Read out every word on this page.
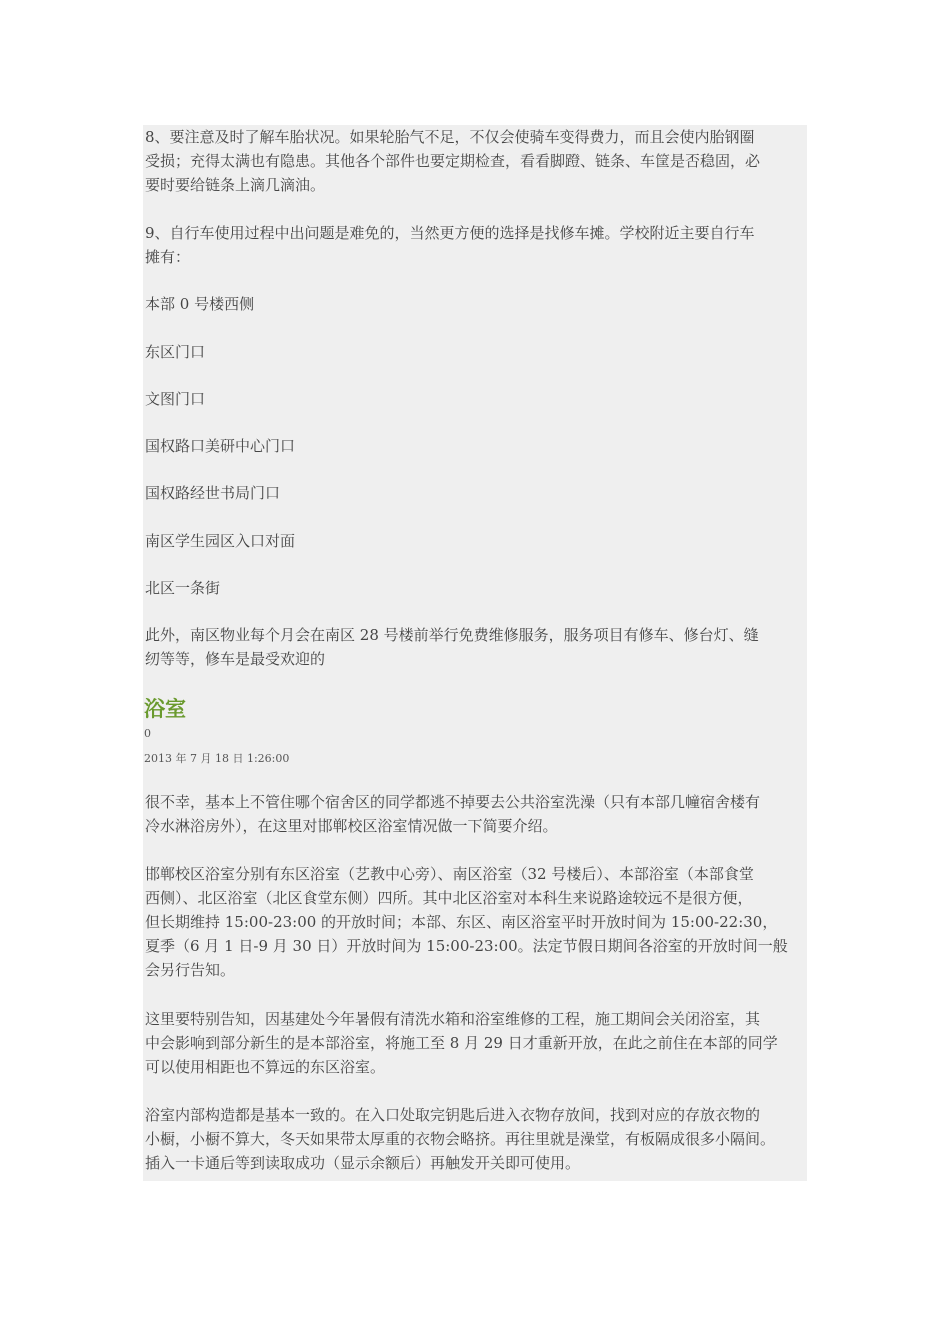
8、要注意及时了解车胎状况。如果轮胎气不足，不仅会使骑车变得费力，而且会使内胎钢圈

受损；充得太满也有隐患。其他各个部件也要定期检查，看看脚蹬、链条、车筐是否稳固，必

要时要给链条上滴几滴油。

9、自行车使用过程中出问题是难免的，当然更方便的选择是找修车摊。学校附近主要自行车

摊有：

本部 0 号楼西侧

东区门口

文图门口

国权路口美研中心门口

国权路经世书局门口

南区学生园区入口对面

北区一条街

此外，南区物业每个月会在南区 28 号楼前举行免费维修服务，服务项目有修车、修台灯、缝

纫等等，修车是最受欢迎的

浴室
0
2013 年 7 月 18 日 1:26:00

很不幸，基本上不管住哪个宿舍区的同学都逃不掉要去公共浴室洗澡（只有本部几幢宿舍楼有

冷水淋浴房外），在这里对邯郸校区浴室情况做一下简要介绍。

邯郸校区浴室分别有东区浴室（艺教中心旁）、南区浴室（32 号楼后）、本部浴室（本部食堂

西侧）、北区浴室（北区食堂东侧）四所。其中北区浴室对本科生来说路途较远不是很方便，

但长期维持 15:00-23:00 的开放时间；本部、东区、南区浴室平时开放时间为 15:00-22:30，

夏季（6 月 1 日-9 月 30 日）开放时间为 15:00-23:00。法定节假日期间各浴室的开放时间一般

会另行告知。

这里要特别告知，因基建处今年暑假有清洗水箱和浴室维修的工程，施工期间会关闭浴室，其

中会影响到部分新生的是本部浴室，将施工至 8 月 29 日才重新开放，在此之前住在本部的同学

可以使用相距也不算远的东区浴室。

浴室内部构造都是基本一致的。在入口处取完钥匙后进入衣物存放间，找到对应的存放衣物的

小橱，小橱不算大，冬天如果带太厚重的衣物会略挤。再往里就是澡堂，有板隔成很多小隔间。

插入一卡通后等到读取成功（显示余额后）再触发开关即可使用。
